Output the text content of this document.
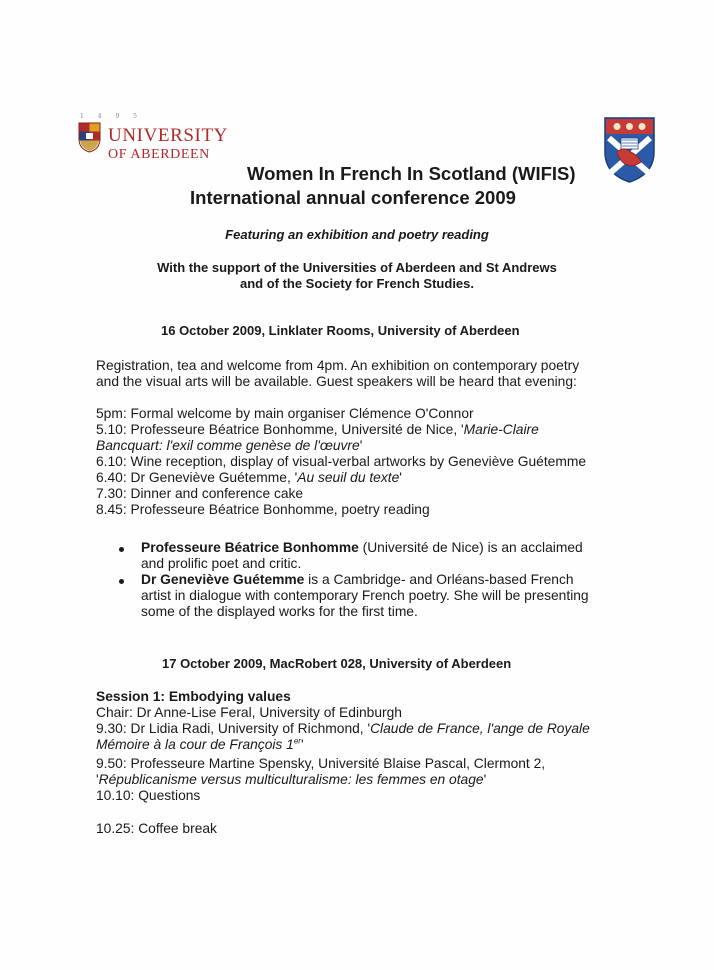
1 4 9 5
UNIVERSITY
OF ABERDEEN
Women In French In Scotland (WIFIS)
International annual conference 2009
Featuring an exhibition and poetry reading
With the support of the Universities of Aberdeen and St Andrews
and of the Society for French Studies.
16 October 2009, Linklater Rooms, University of Aberdeen
Registration, tea and welcome from 4pm. An exhibition on contemporary poetry
and the visual arts will be available. Guest speakers will be heard that evening:
5pm: Formal welcome by main organiser Clémence O'Connor
5.10: Professeure Béatrice Bonhomme, Université de Nice, 'Marie-Claire
Bancquart: l'exil comme genèse de l'œuvre'
6.10: Wine reception, display of visual-verbal artworks by Geneviève Guétemme
6.40: Dr Geneviève Guétemme, 'Au seuil du texte'
7.30: Dinner and conference cake
8.45: Professeure Béatrice Bonhomme, poetry reading
Professeure Béatrice Bonhomme (Université de Nice) is an acclaimed
and prolific poet and critic.
Dr Geneviève Guétemme is a Cambridge- and Orléans-based French
artist in dialogue with contemporary French poetry. She will be presenting
some of the displayed works for the first time.
17 October 2009, MacRobert 028, University of Aberdeen
Session 1: Embodying values
Chair: Dr Anne-Lise Feral, University of Edinburgh
9.30: Dr Lidia Radi, University of Richmond, 'Claude de France, l'ange de Royale
Mémoire à la cour de François 1er'
9.50: Professeure Martine Spensky, Université Blaise Pascal, Clermont 2,
'Républicanisme versus multiculturalisme: les femmes en otage'
10.10: Questions
10.25: Coffee break
